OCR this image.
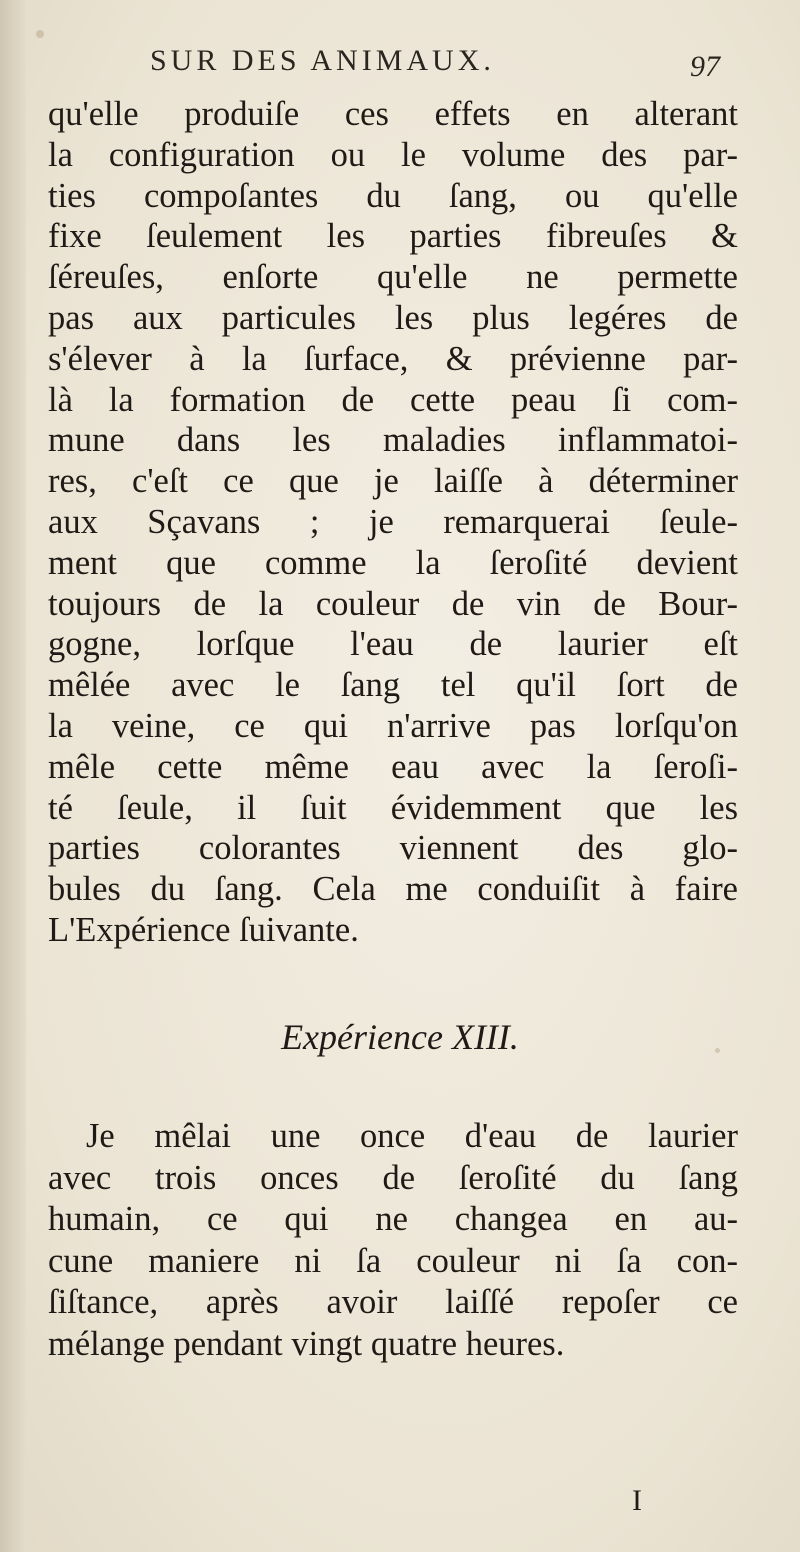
SUR DES ANIMAUX.	97
qu'elle produiſe ces effets en alterant
la configuration ou le volume des par-
ties compoſantes du ſang, ou qu'elle
fixe ſeulement les parties fibreuſes &
ſéreuſes, enſorte qu'elle ne permette
pas aux particules les plus legéres de
s'élever à la ſurface, & prévienne par-
là la formation de cette peau ſi com-
mune dans les maladies inflammatoi-
res, c'eſt ce que je laiſſe à déterminer
aux Sçavans ; je remarquerai ſeule-
ment que comme la ſeroſité devient
toujours de la couleur de vin de Bour-
gogne, lorſque l'eau de laurier eſt
mêlée avec le ſang tel qu'il ſort de
la veine, ce qui n'arrive pas lorſqu'on
mêle cette même eau avec la ſeroſi-
té ſeule, il ſuit évidemment que les
parties colorantes viennent des glo-
bules du ſang. Cela me conduiſit à faire
L'Expérience ſuivante.
Expérience XIII.
Je mêlai une once d'eau de laurier
avec trois onces de ſeroſité du ſang
humain, ce qui ne changea en au-
cune maniere ni ſa couleur ni ſa con-
ſiſtance, après avoir laiſſé repoſer ce
mélange pendant vingt quatre heures.
I
